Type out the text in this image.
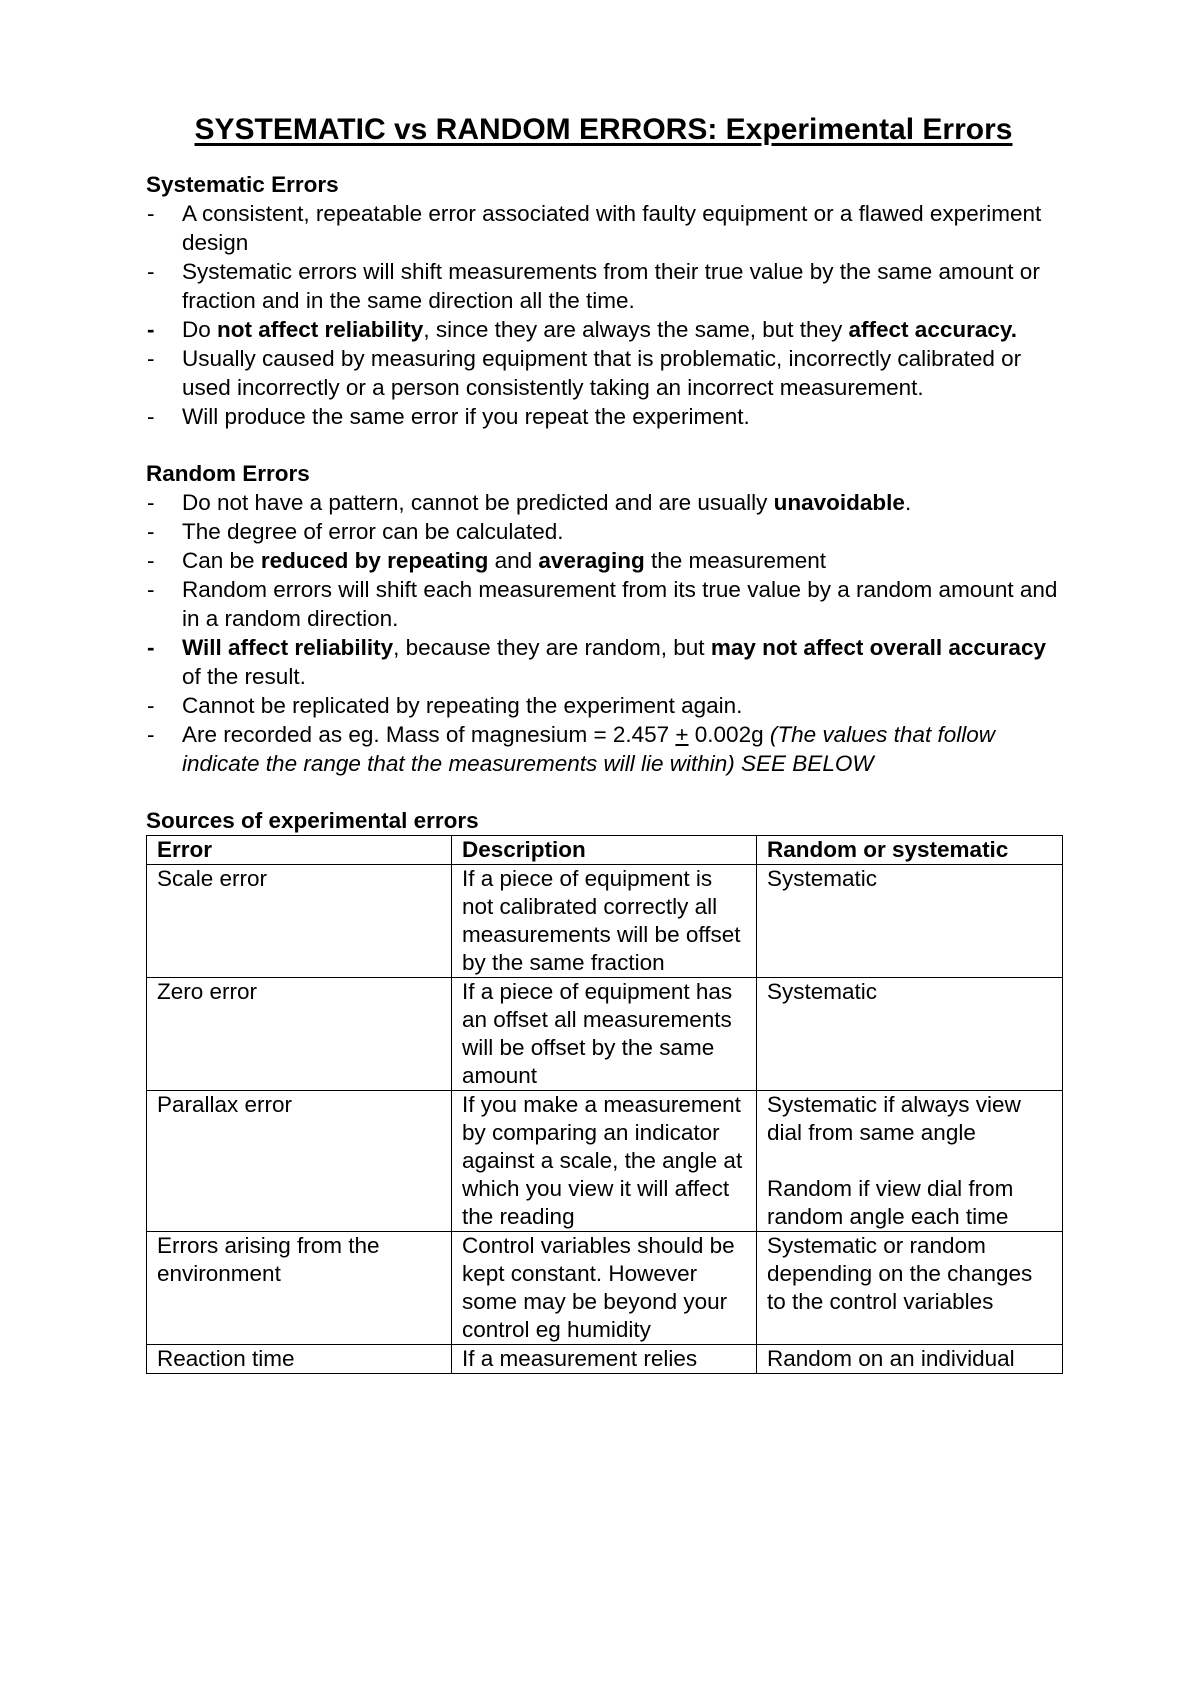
SYSTEMATIC vs RANDOM ERRORS: Experimental Errors

Systematic Errors

- A consistent, repeatable error associated with faulty equipment or a flawed experiment design
- Systematic errors will shift measurements from their true value by the same amount or fraction and in the same direction all the time.
- Do not affect reliability, since they are always the same, but they affect accuracy.
- Usually caused by measuring equipment that is problematic, incorrectly calibrated or used incorrectly or a person consistently taking an incorrect measurement.
- Will produce the same error if you repeat the experiment.

Random Errors

- Do not have a pattern, cannot be predicted and are usually unavoidable.
- The degree of error can be calculated.
- Can be reduced by repeating and averaging the measurement
- Random errors will shift each measurement from its true value by a random amount and in a random direction.
- Will affect reliability, because they are random, but may not affect overall accuracy of the result.
- Cannot be replicated by repeating the experiment again.
- Are recorded as eg. Mass of magnesium = 2.457 + 0.002g (The values that follow indicate the range that the measurements will lie within) SEE BELOW

Sources of experimental errors

Error	Description	Random or systematic
Scale error	If a piece of equipment is not calibrated correctly all measurements will be offset by the same fraction	Systematic

Zero error	If a piece of equipment has an offset all measurements will be offset by the same amount	Systematic

Parallax error	If you make a measurement by comparing an indicator against a scale, the angle at which you view it will affect the reading	Systematic if always view dial from same angle
Random if view dial from random angle each time

Errors arising from the environment	Control variables should be kept constant. However some may be beyond your control eg humidity	Systematic or random depending on the changes to the control variables

Reaction time	If a measurement relies	Random on an individual
